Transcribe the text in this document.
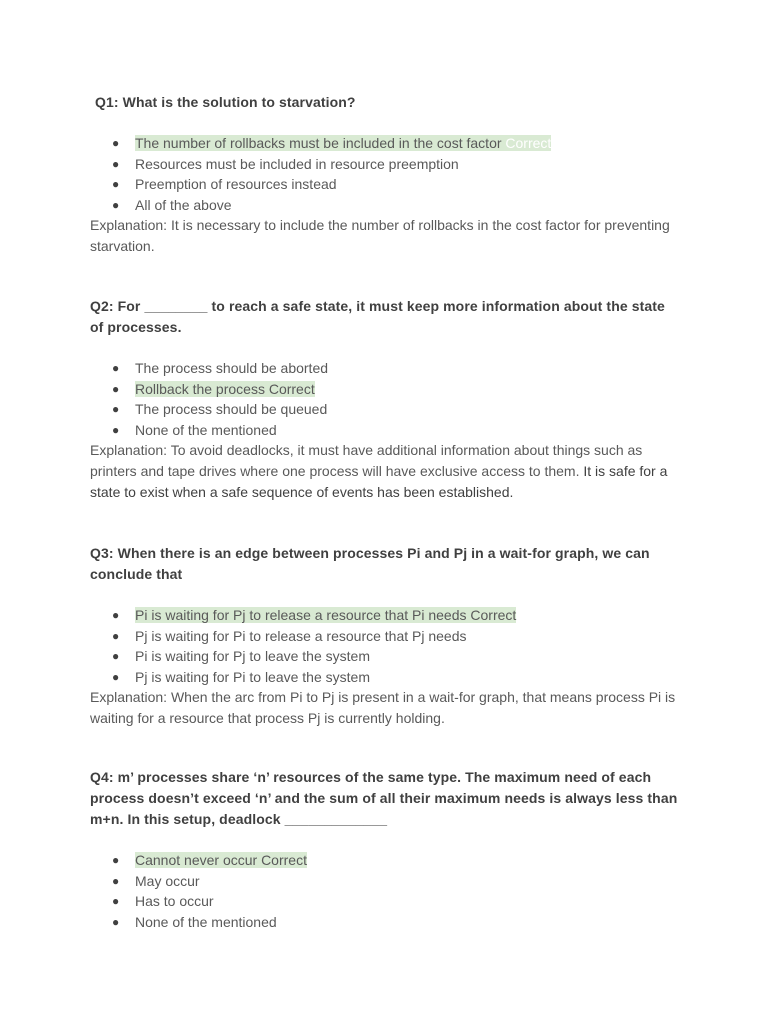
Q1: What is the solution to starvation?

● The number of rollbacks must be included in the cost factor Correct
● Resources must be included in resource preemption
● Preemption of resources instead
● All of the above

Explanation: It is necessary to include the number of rollbacks in the cost factor for preventing starvation.

Q2: For ________ to reach a safe state, it must keep more information about the state of processes.

● The process should be aborted
● Rollback the process Correct
● The process should be queued
● None of the mentioned

Explanation: To avoid deadlocks, it must have additional information about things such as printers and tape drives where one process will have exclusive access to them. It is safe for a state to exist when a safe sequence of events has been established.

Q3: When there is an edge between processes Pi and Pj in a wait-for graph, we can conclude that

● Pi is waiting for Pj to release a resource that Pi needs Correct
● Pj is waiting for Pi to release a resource that Pj needs
● Pi is waiting for Pj to leave the system
● Pj is waiting for Pi to leave the system

Explanation: When the arc from Pi to Pj is present in a wait-for graph, that means process Pi is waiting for a resource that process Pj is currently holding.

Q4: m’ processes share ‘n’ resources of the same type. The maximum need of each process doesn’t exceed ‘n’ and the sum of all their maximum needs is always less than m+n. In this setup, deadlock _____________

● Cannot never occur Correct
● May occur
● Has to occur
● None of the mentioned
